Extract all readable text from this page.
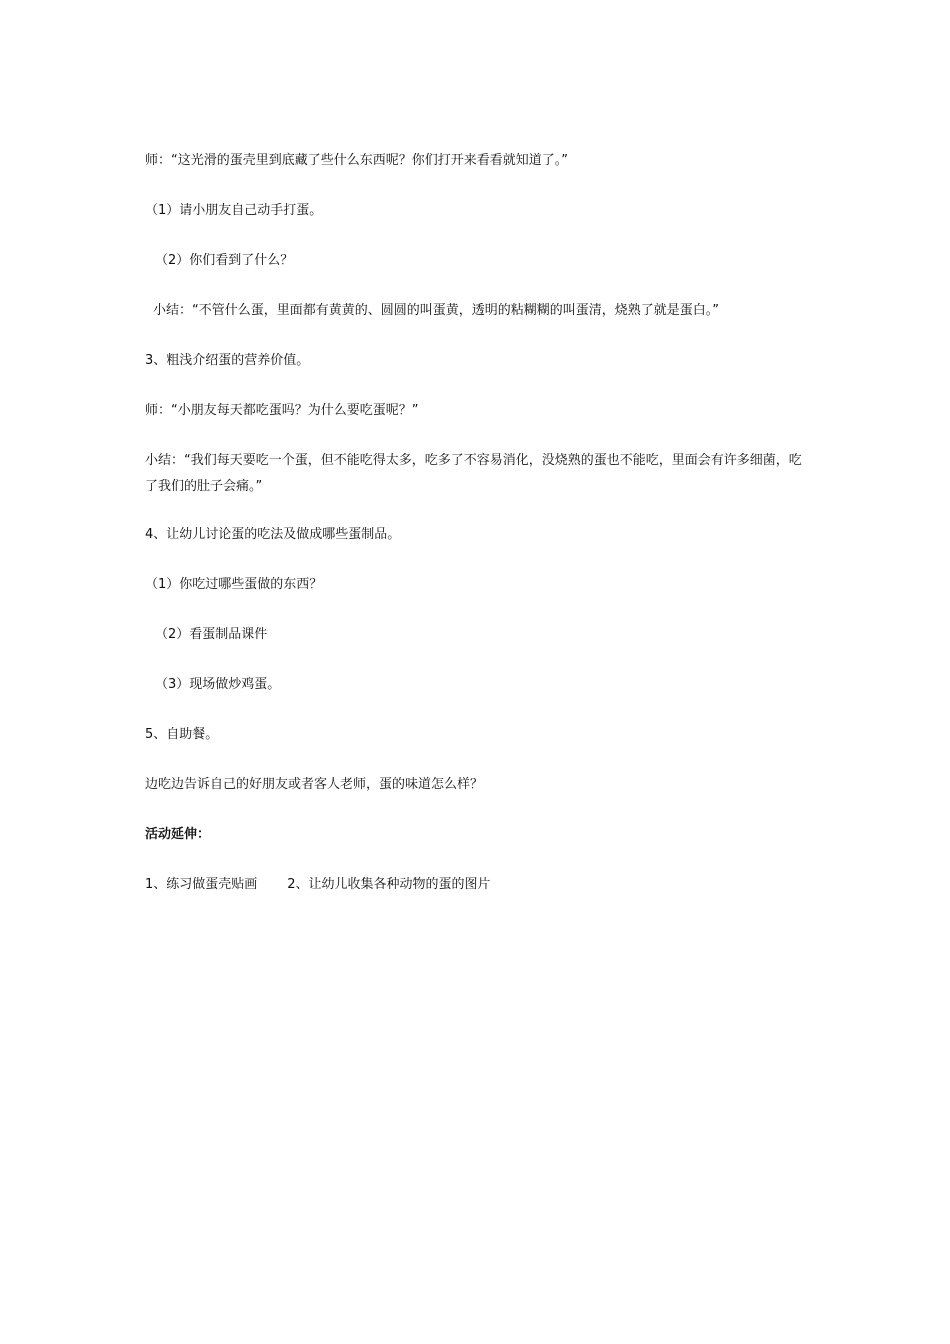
师：“这光滑的蛋壳里到底藏了些什么东西呢？你们打开来看看就知道了。”
（1）请小朋友自己动手打蛋。
（2）你们看到了什么？
小结：“不管什么蛋，里面都有黄黄的、圆圆的叫蛋黄，透明的粘糊糊的叫蛋清，烧熟了就是蛋白。”
3、粗浅介绍蛋的营养价值。
师：“小朋友每天都吃蛋吗？为什么要吃蛋呢？”
小结：“我们每天要吃一个蛋，但不能吃得太多，吃多了不容易消化，没烧熟的蛋也不能吃，里面会有许多细菌，吃了我们的肚子会痛。”
4、让幼儿讨论蛋的吃法及做成哪些蛋制品。
（1）你吃过哪些蛋做的东西？
（2）看蛋制品课件
（3）现场做炒鸡蛋。
5、自助餐。
边吃边告诉自己的好朋友或者客人老师，蛋的味道怎么样？
活动延伸：
1、练习做蛋壳贴画 2、让幼儿收集各种动物的蛋的图片
